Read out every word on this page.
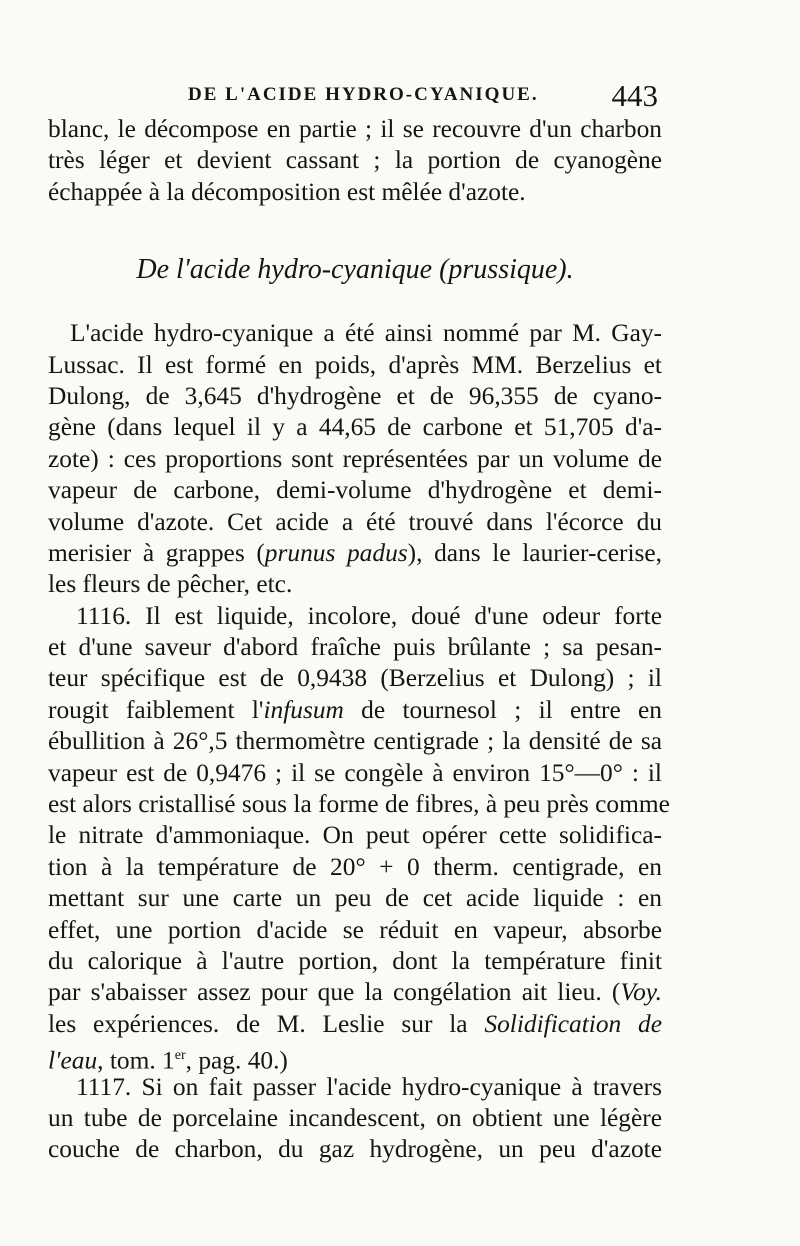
DE L'ACIDE HYDRO-CYANIQUE. 443
blanc, le décompose en partie ; il se recouvre d'un charbon
très léger et devient cassant ; la portion de cyanogène
échappée à la décomposition est mêlée d'azote.
De l'acide hydro-cyanique (prussique).
L'acide hydro-cyanique a été ainsi nommé par M. Gay-
Lussac. Il est formé en poids, d'après MM. Berzelius et
Dulong, de 3,645 d'hydrogène et de 96,355 de cyano-
gène (dans lequel il y a 44,65 de carbone et 51,705 d'a-
zote) : ces proportions sont représentées par un volume de
vapeur de carbone, demi-volume d'hydrogène et demi-
volume d'azote. Cet acide a été trouvé dans l'écorce du
merisier à grappes (prunus padus), dans le laurier-cerise,
les fleurs de pêcher, etc.
1116. Il est liquide, incolore, doué d'une odeur forte
et d'une saveur d'abord fraîche puis brûlante ; sa pesan-
teur spécifique est de 0,9438 (Berzelius et Dulong) ; il
rougit faiblement l'infusum de tournesol ; il entre en
ébullition à 26°,5 thermomètre centigrade ; la densité de sa
vapeur est de 0,9476 ; il se congèle à environ 15°—0° : il
est alors cristallisé sous la forme de fibres, à peu près comme
le nitrate d'ammoniaque. On peut opérer cette solidifica-
tion à la température de 20° + 0 therm. centigrade, en
mettant sur une carte un peu de cet acide liquide : en
effet, une portion d'acide se réduit en vapeur, absorbe
du calorique à l'autre portion, dont la température finit
par s'abaisser assez pour que la congélation ait lieu. (Voy.
les expériences. de M. Leslie sur la Solidification de
l'eau, tom. 1er, pag. 40.)
1117. Si on fait passer l'acide hydro-cyanique à travers
un tube de porcelaine incandescent, on obtient une légère
couche de charbon, du gaz hydrogène, un peu d'azote
